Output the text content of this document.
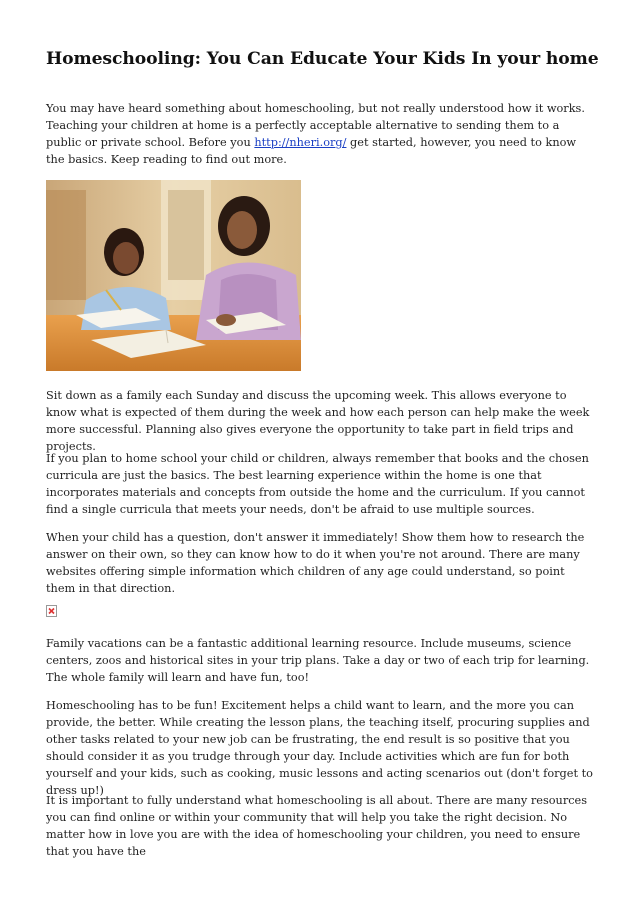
Homeschooling: You Can Educate Your Kids In your home

You may have heard something about homeschooling, but not really understood how it works. Teaching your children at home is a perfectly acceptable alternative to sending them to a public or private school. Before you http://nheri.org/ get started, however, you need to know the basics. Keep reading to find out more.

Sit down as a family each Sunday and discuss the upcoming week. This allows everyone to know what is expected of them during the week and how each person can help make the week more successful. Planning also gives everyone the opportunity to take part in field trips and projects.

If you plan to home school your child or children, always remember that books and the chosen curricula are just the basics. The best learning experience within the home is one that incorporates materials and concepts from outside the home and the curriculum. If you cannot find a single curricula that meets your needs, don't be afraid to use multiple sources.

When your child has a question, don't answer it immediately! Show them how to research the answer on their own, so they can know how to do it when you're not around. There are many websites offering simple information which children of any age could understand, so point them in that direction.

Family vacations can be a fantastic additional learning resource. Include museums, science centers, zoos and historical sites in your trip plans. Take a day or two of each trip for learning. The whole family will learn and have fun, too!

Homeschooling has to be fun! Excitement helps a child want to learn, and the more you can provide, the better. While creating the lesson plans, the teaching itself, procuring supplies and other tasks related to your new job can be frustrating, the end result is so positive that you should consider it as you trudge through your day. Include activities which are fun for both yourself and your kids, such as cooking, music lessons and acting scenarios out (don't forget to dress up!)

It is important to fully understand what homeschooling is all about. There are many resources you can find online or within your community that will help you take the right decision. No matter how in love you are with the idea of homeschooling your children, you need to ensure that you have the
